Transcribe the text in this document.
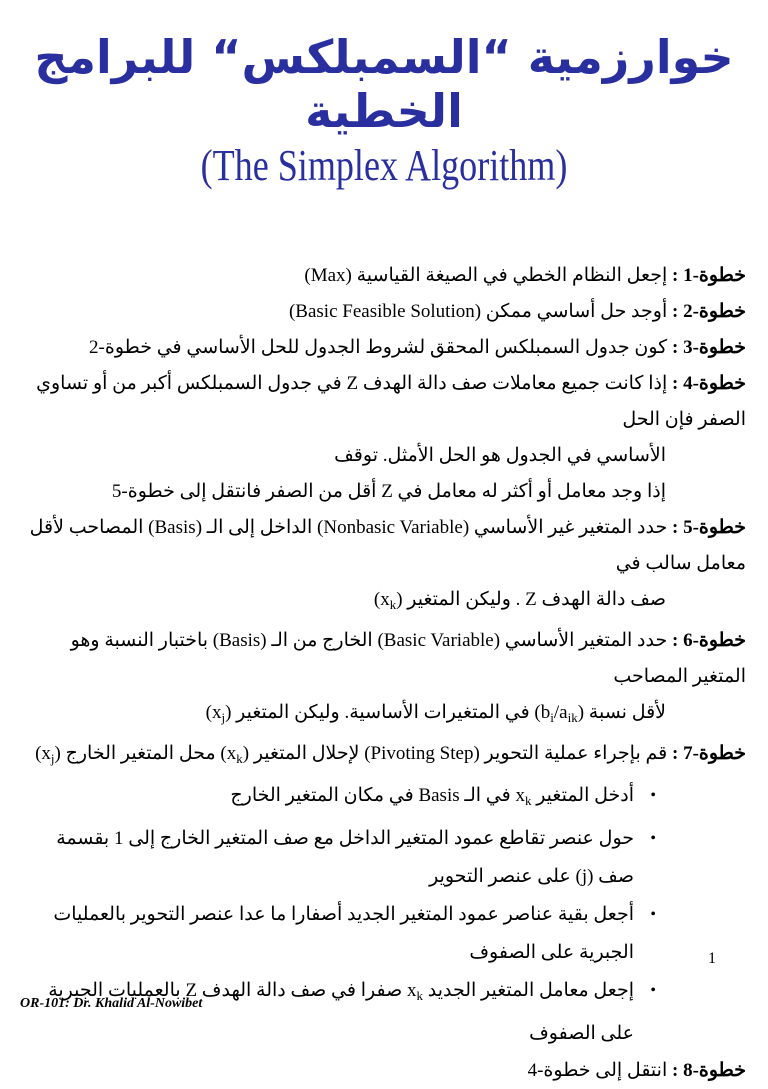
خوارزمية “السمبلكس“ للبرامج الخطية
(The Simplex Algorithm)

خطوة-1 : إجعل النظام الخطي في الصيغة القياسية (Max)

خطوة-2 : أوجد حل أساسي ممكن (Basic Feasible Solution)

خطوة-3 : كون جدول السمبلكس المحقق لشروط الجدول للحل الأساسي في خطوة-2

خطوة-4 : إذا كانت جميع معاملات صف دالة الهدف Z في جدول السمبلكس أكبر من أو تساوي الصفر فإن الحل

الأساسي في الجدول هو الحل الأمثل. توقف

إذا وجد معامل أو أكثر له معامل في Z أقل من الصفر فانتقل إلى خطوة-5

خطوة-5 : حدد المتغير غير الأساسي (Nonbasic Variable) الداخل إلى الـ (Basis) المصاحب لأقل معامل سالب في

صف دالة الهدف Z . وليكن المتغير $(x_k)$

خطوة-6 : حدد المتغير الأساسي (Basic Variable) الخارج من الـ (Basis) باختبار النسبة وهو المتغير المصاحب

لأقل نسبة $(b_i/a_{ik})$ في المتغيرات الأساسية. وليكن المتغير $(x_j)$

خطوة-7 : قم بإجراء عملية التحوير (Pivoting Step) لإحلال المتغير $(x_k)$ محل المتغير الخارج $(x_j)$

• أدخل المتغير $x_k$ في الـ Basis في مكان المتغير الخارج
• حول عنصر تقاطع عمود المتغير الداخل مع صف المتغير الخارج إلى 1 بقسمة صف (j) على عنصر التحوير
• أجعل بقية عناصر عمود المتغير الجديد أصفارا ما عدا عنصر التحوير بالعمليات الجبرية على الصفوف
• إجعل معامل المتغير الجديد $x_k$ صفرا في صف دالة الهدف Z بالعمليات الجبرية على الصفوف

خطوة-8 : انتقل إلى خطوة-4

1
OR-101: Dr. Khalid Al-Nowibet
